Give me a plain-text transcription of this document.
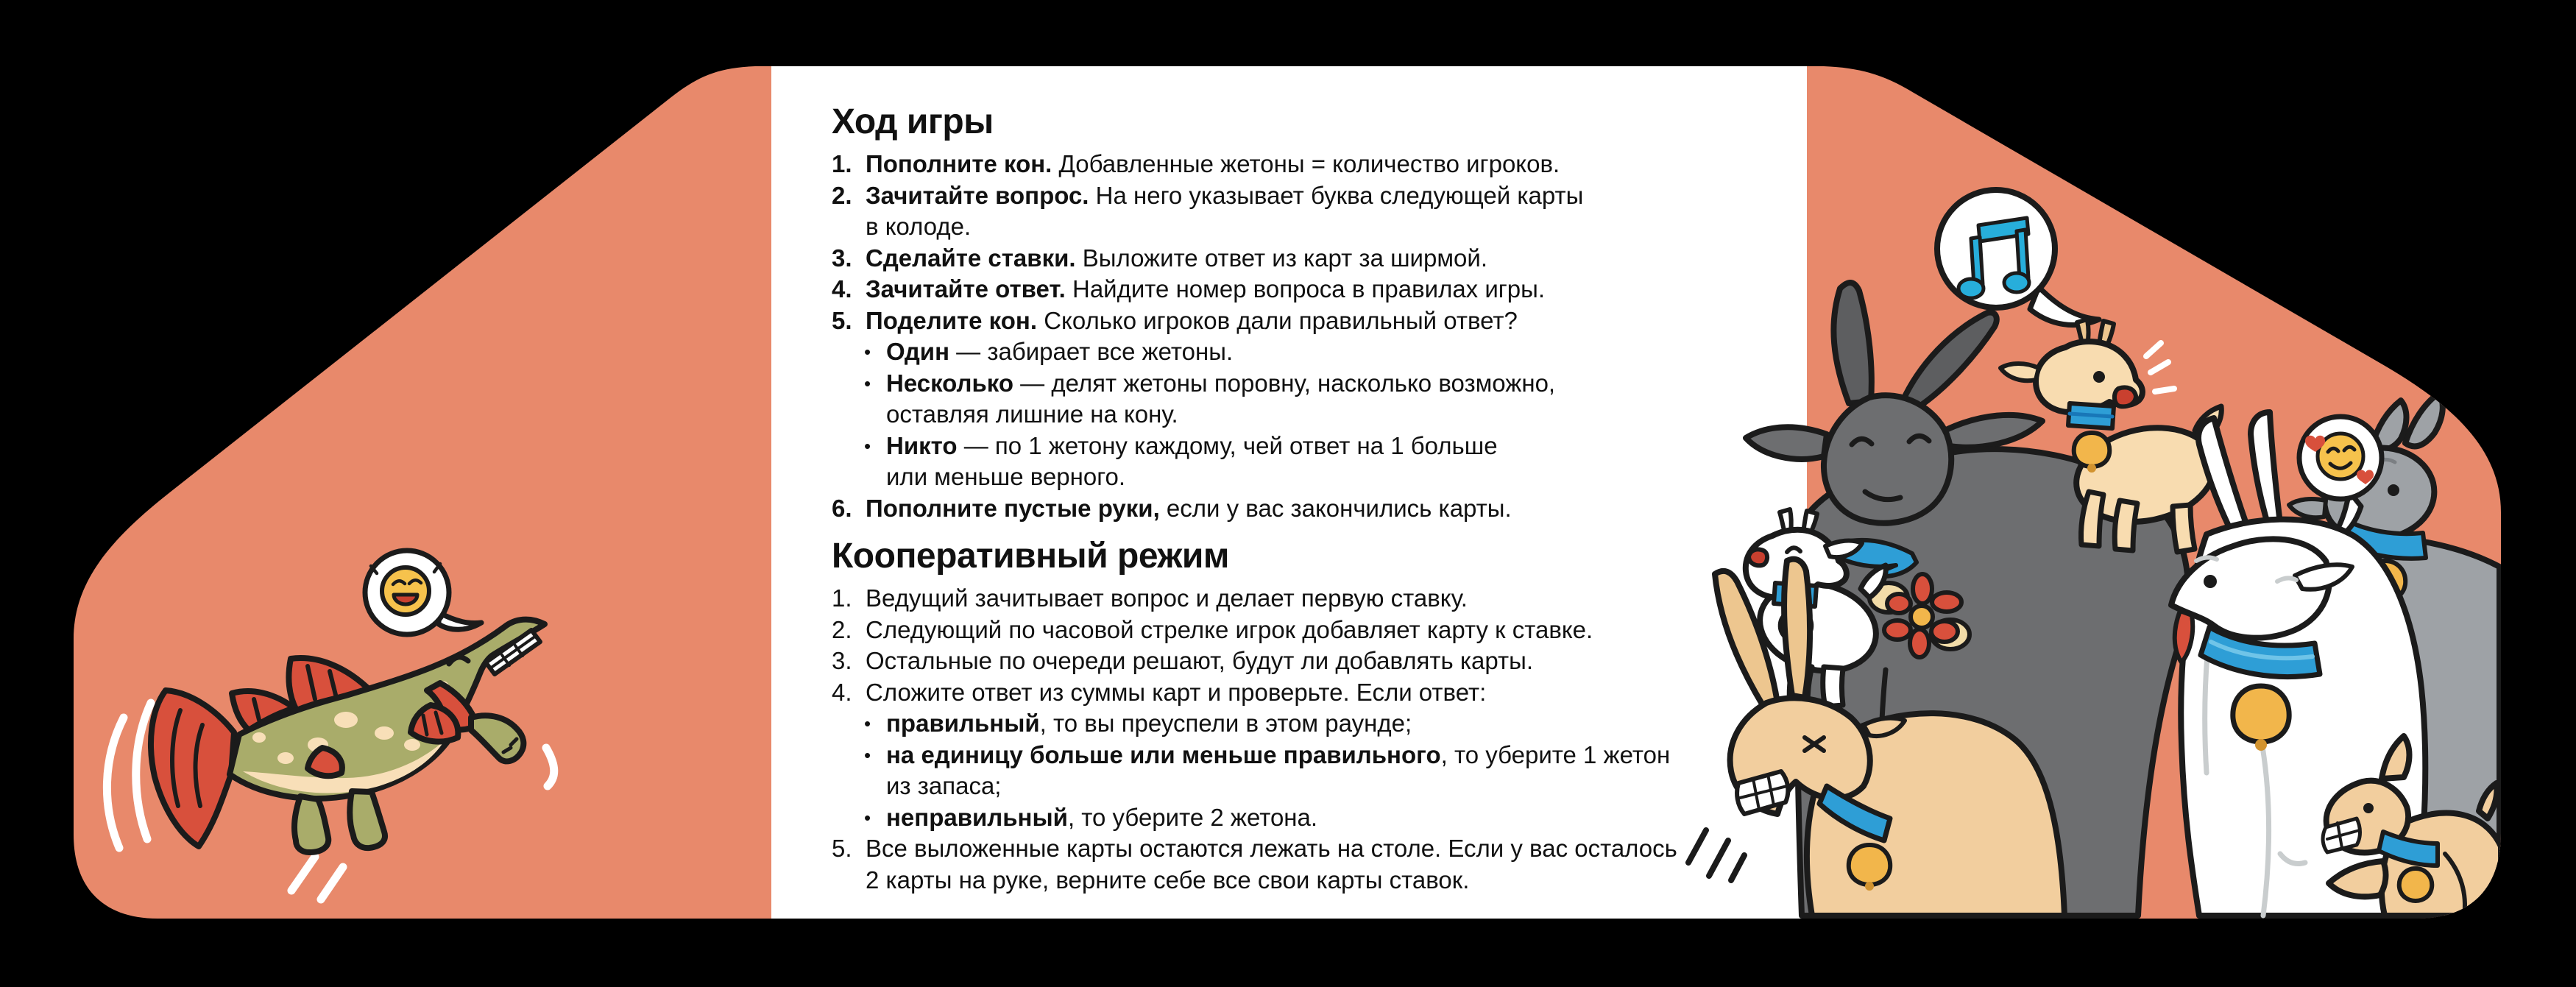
Ход игры
1. Пополните кон. Добавленные жетоны = количество игроков.
2. Зачитайте вопрос. На него указывает буква следующей карты
в колоде.
3. Сделайте ставки. Выложите ответ из карт за ширмой.
4. Зачитайте ответ. Найдите номер вопроса в правилах игры.
5. Поделите кон. Сколько игроков дали правильный ответ?
• Один — забирает все жетоны.
• Несколько — делят жетоны поровну, насколько возможно,
оставляя лишние на кону.
• Никто — по 1 жетону каждому, чей ответ на 1 больше
или меньше верного.
6. Пополните пустые руки, если у вас закончились карты.
Кооперативный режим
1. Ведущий зачитывает вопрос и делает первую ставку.
2. Следующий по часовой стрелке игрок добавляет карту к ставке.
3. Остальные по очереди решают, будут ли добавлять карты.
4. Сложите ответ из суммы карт и проверьте. Если ответ:
• правильный, то вы преуспели в этом раунде;
• на единицу больше или меньше правильного, то уберите 1 жетон
из запаса;
• неправильный, то уберите 2 жетона.
5. Все выложенные карты остаются лежать на столе. Если у вас осталось
2 карты на руке, верните себе все свои карты ставок.
